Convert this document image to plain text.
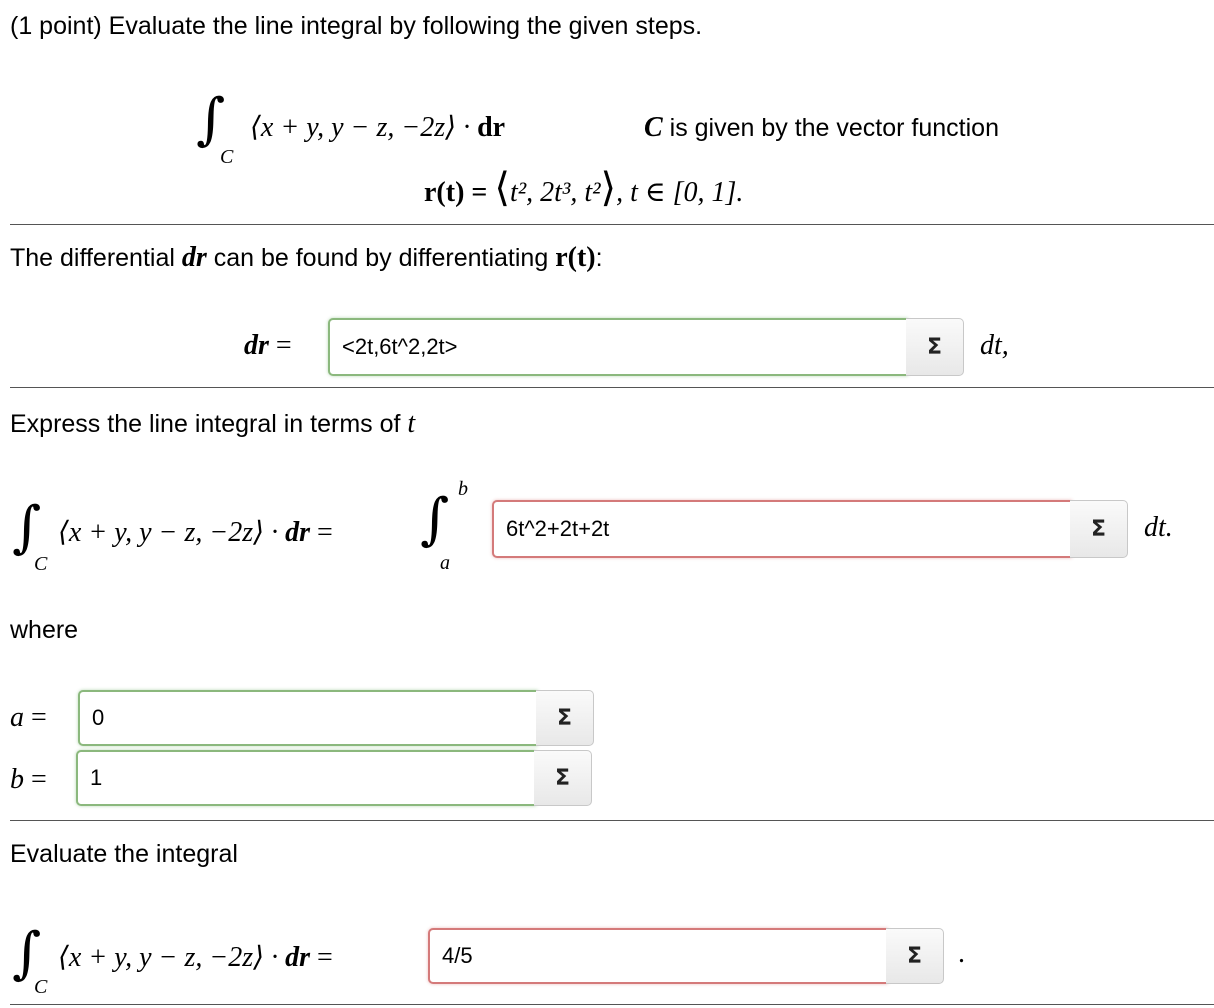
(1 point) Evaluate the line integral by following the given steps.
∫
C
⟨x + y, y − z, −2z⟩ · dr	C is given by the vector function
r(t) = ⟨t², 2t³, t²⟩, t ∈ [0, 1].
The differential dr can be found by differentiating r(t):
dr = <2t,6t^2,2t>	Σ dt,
Express the line integral in terms of t
∫
C
⟨x + y, y − z, −2z⟩ · dr = ∫ b
a
6t^2+2t+2t	Σ dt.
where
a = 0	Σ
b = 1	Σ
Evaluate the integral
∫
C
⟨x + y, y − z, −2z⟩ · dr =	4/5	Σ .
